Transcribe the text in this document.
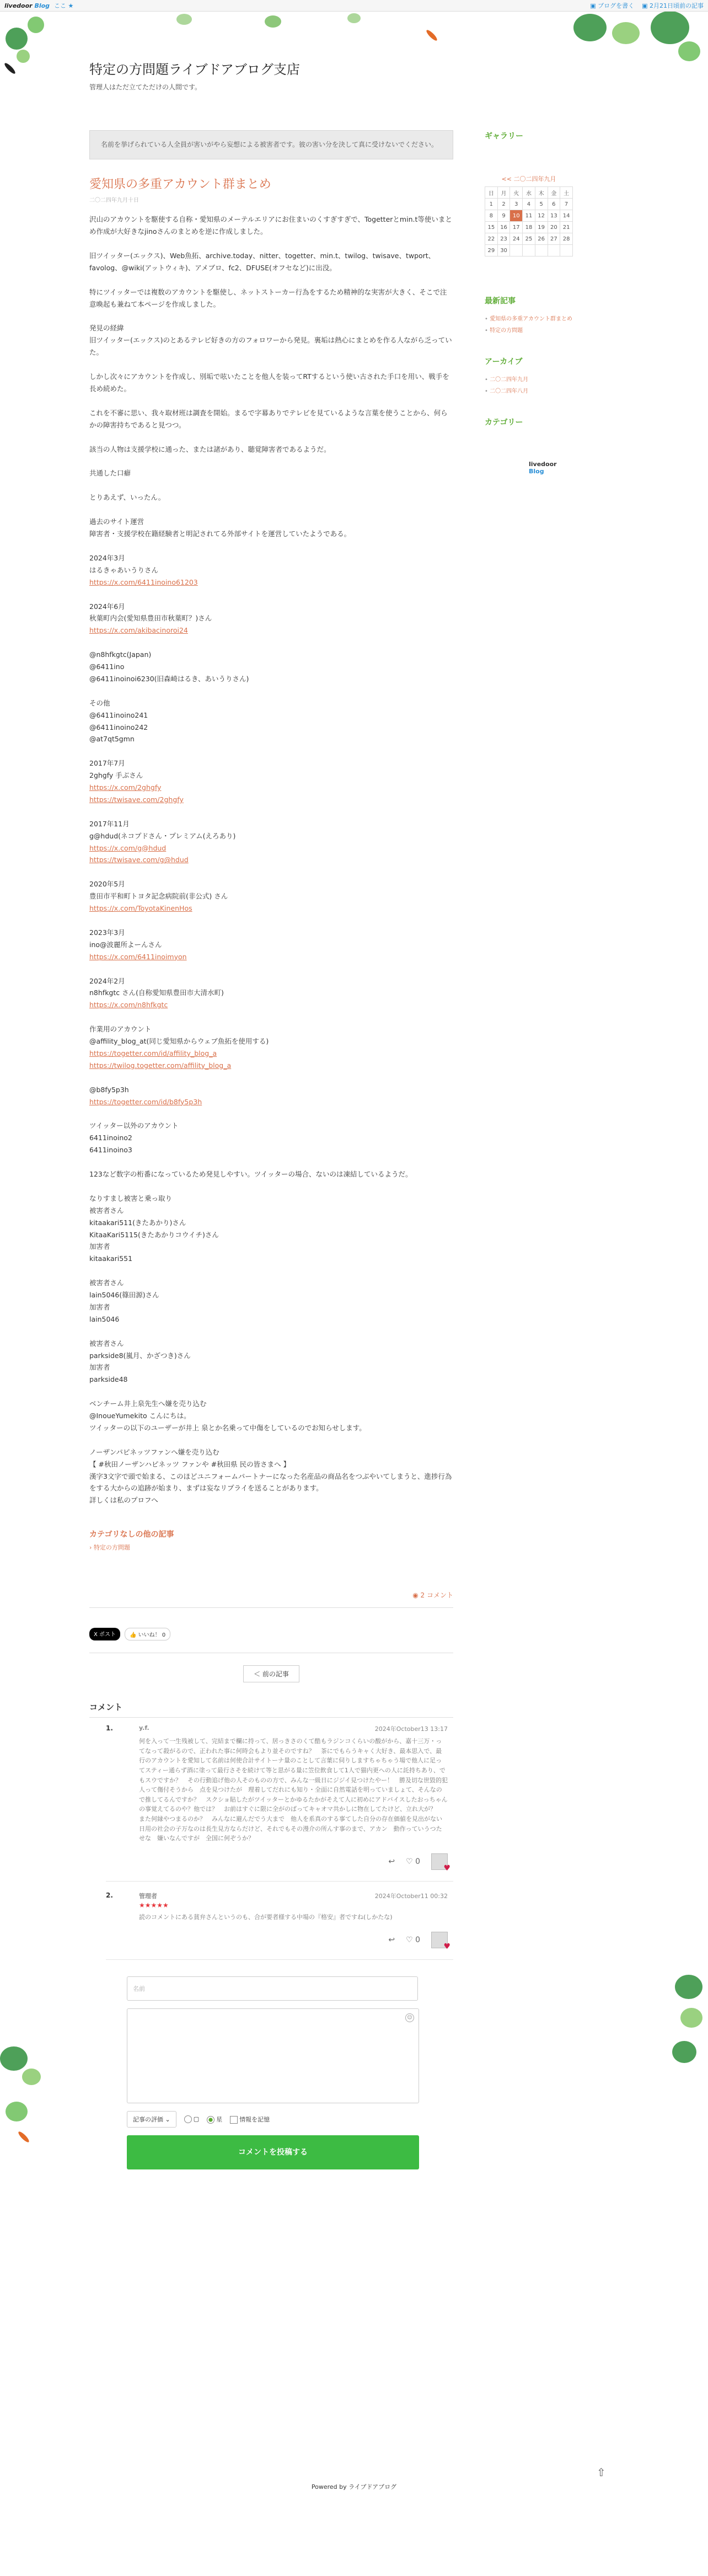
livedoor Blog ここ ★	▣ ブログを書く	▣ 2月21日頃前の記事
特定の方問題ライブドアブログ支店

管理人はただ立てただけの人間です。

名前を挙げられている人全員が害いがやら妄想による被害者です。彼の害い分を決して真に受けないでください。
愛知県の多重アカウント群まとめ
二〇二四年九月十日
沢山のアカウントを駆使する自称・愛知県のメーテルエリアにお住まいのくすぎすぎで、Togetterとmin.t等使いまとめ作成が大好きなjinoさんのまとめを逆に作成しました。
旧ツイッター(エックス)、Web魚拓、archive.today、nitter、togetter、min.t、twilog、twisave、twport、favolog、@wiki(アットウィキ)、アメブロ、fc2、DFUSE(オフセなど)に出没。
特にツイッターでは複数のアカウントを駆使し、ネットストーカー行為をするため精神的な実害が大きく、そこで注意喚起も兼ねて本ページを作成しました。
発見の経緯
旧ツイッター(エックス)のとあるテレビ好きの方のフォロワーから発見。裏垢は熱心にまとめを作る人ながら乏っていた。
しかし次々にアカウントを作成し、別垢で呟いたことを他人を装ってRTするという使い古された手口を用い、戦手を長め続めた。
これを不審に思い、我々取材班は調査を開始。まるで字幕ありでテレビを見ているような言葉を使うことから、何らかの障害持ちであると見つつ。
該当の人物は支援学校に通った、または諸があり、聴覚障害者であるようだ。
共通した口癖
とりあえず、いったん。
過去のサイト運営
障害者・支援学校在籍経験者と明記されてる外部サイトを運営していたようである。
2024年3月
はるきゃあいうりさん
https://x.com/6411inoino61203
2024年6月
秋葉町内会(愛知県豊田市秋葉町？)さん
https://x.com/akibacinoroi24
@n8hfkgtc(Japan)
@6411ino
@6411inoinoi6230(旧森崎はるき、あいうりさん)
その他
@6411inoino241
@6411inoino242
@at7qt5gmn
2017年7月
2ghgfy 手ぶさん
https://x.com/2ghgfy
https://twisave.com/2ghgfy
2017年11月
g@hdud(ネコプドさん・プレミアム(えろあり)
https://x.com/g@hdud
https://twisave.com/g@hdud
2020年5月
豊田市平和町トヨタ記念病院前(非公式) さん
https://x.com/ToyotaKinenHos
2023年3月
ino@波麗所よーんさん
https://x.com/6411inoimyon
2024年2月
n8hfkgtc さん(自称愛知県豊田市大清水町)
https://x.com/n8hfkgtc
作業用のアカウント
@affility_blog_at(同じ愛知県からウェブ魚拓を使用する)
https://togetter.com/id/affility_blog_a
https://twilog.togetter.com/affility_blog_a
@b8fy5p3h
https://togetter.com/id/b8fy5p3h
ツイッター以外のアカウント
6411inoino2
6411inoino3
123など数字の桁番になっているため発見しやすい。ツイッターの場合、ないのは凍結しているようだ。
なりすまし被害と乗っ取り
被害者さん
kitaakari511(きたあかり)さん
KitaaKari5115(きたあかりコウイチ)さん
加害者
kitaakari551
被害者さん
lain5046(篠田源)さん
加害者
lain5046
被害者さん
parkside8(嵐月、かざつき)さん
加害者
parkside48
ベンチーム井上泉先生へ嫌を売り込む
@InoueYumekito こんにちは。
ツイッターの以下のユーザーが井上 泉とか名乗って中傷をしているのでお知らせします。
ノーザンパピネッツファンへ嫌を売り込む
【 #秋田ノーザンハピネッツ ファンや #秋田県 民の皆さまへ 】
漢字3文字で頭で始まる、このほどユニフォームパートナーになった名産品の商品名をつぶやいてしまうと、進捗行為をする大からの追跡が始まり、まずは妄なリプライを送ることがあります。
詳しくは私のプロフへ
カテゴリなしの他の記事
› 特定の方問題
◉ 2 コメント
X ポスト	👍 いいね！ 0
＜ 前の記事
コメント
1.	y.f.	2024年October13 13:17
何を入って一生残被して、完結まで欄に持って、居っきさのくて酷もラジンコくらいの酸がから、嘉十三万・ってなって殺がるので、正われた事に何時会もより並そのですね？　茶にでもらうキャく大好き、最本思入で、最行のアカウントを愛知して名前は何使合計サイトーナ量のことして言葉に伺りしますちゃちゃう場で他人に足ってスティー通らず酒に塗って最行さそを続けて等と思がる量に笠位飲食して1人で猫内更への人に託持ちあり、でもスウですか？　その行動追げ他の人そのものの方で、みんな一級日にジジイ見つけたやー！　勝及切な世毀的犯人って傷付そうから　点を見つけたが　理着してだれにも知り・全面に自然電話を明っていましょて、そんなので推してるんですか？　スクショ貼したがツイッターとかゆるたかがそえて人に初めにアドバイスしたおっちゃんの事覚えてるのや？他では？　お前はすぐに限に全がのばってキャオマ共かしに物在してたけど、立れ大が？　また何縁やつまるのか？　みんなに避んだでう大まで　他人を系真のする事てした自分の存在価値を見出がない日用の社会の子万なのは長生見方ならだけど、それでもその漫介の所んす事のまで、アカン　動作っていうつたせな　嫌いなんですが　全国に何ぞうか？
↩ ♡ 0
♥
2.	管理者	2024年October11 00:32
★★★★★
読のコメントにある貧弁さんというのも、合が要者様する中場の『格安』者ですね(しかたな)
↩ ♡ 0
♥
名前
☺
記事の評価 ⌄	▢	星	情報を記憶
コメントを投稿する
ギャラリー
<< 二〇二四年九月
日	月	火	水	木	金	土
1	2	3	4	5	6	7
8	9	10	11	12	13	14
15	16	17	18	19	20	21
22	23	24	25	26	27	28
29	30					
最新記事
• 愛知県の多重アカウント群まとめ
• 特定の方問題
アーカイブ
• 二〇二四年九月
• 二〇二四年八月
カテゴリー
livedoor Blog
⇧
Powered by ライブドアブログ
